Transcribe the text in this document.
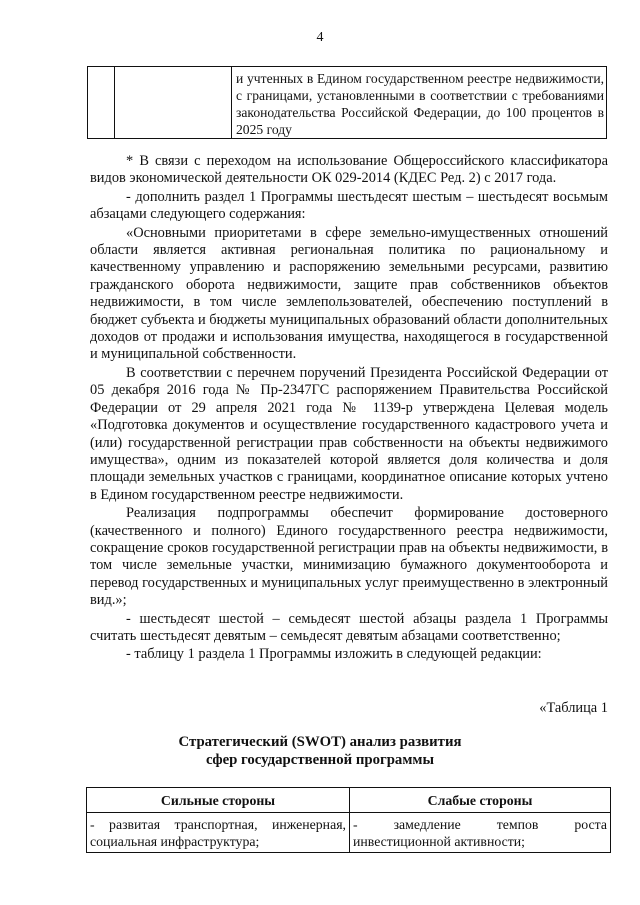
4

и учтенных в Едином государственном реестре недвижимости, с границами, установленными в соответствии с требованиями законодательства Российской Федерации, до 100 процентов в 2025 году

* В связи с переходом на использование Общероссийского классификатора видов экономической деятельности ОК 029-2014 (КДЕС Ред. 2) с 2017 года.

- дополнить раздел 1 Программы шестьдесят шестым – шестьдесят восьмым абзацами следующего содержания:

«Основными приоритетами в сфере земельно-имущественных отношений области является активная региональная политика по рациональному и качественному управлению и распоряжению земельными ресурсами, развитию гражданского оборота недвижимости, защите прав собственников объектов недвижимости, в том числе землепользователей, обеспечению поступлений в бюджет субъекта и бюджеты муниципальных образований области дополнительных доходов от продажи и использования имущества, находящегося в государственной и муниципальной собственности.

В соответствии с перечнем поручений Президента Российской Федерации от 05 декабря 2016 года № Пр-2347ГС распоряжением Правительства Российской Федерации от 29 апреля 2021 года № 1139-р утверждена Целевая модель «Подготовка документов и осуществление государственного кадастрового учета и (или) государственной регистрации прав собственности на объекты недвижимого имущества», одним из показателей которой является доля количества и доля площади земельных участков с границами, координатное описание которых учтено в Едином государственном реестре недвижимости.

Реализация подпрограммы обеспечит формирование достоверного (качественного и полного) Единого государственного реестра недвижимости, сокращение сроков государственной регистрации прав на объекты недвижимости, в том числе земельные участки, минимизацию бумажного документооборота и перевод государственных и муниципальных услуг преимущественно в электронный вид.»;

- шестьдесят шестой – семьдесят шестой абзацы раздела 1 Программы считать шестьдесят девятым – семьдесят девятым абзацами соответственно;

- таблицу 1 раздела 1 Программы изложить в следующей редакции:

«Таблица 1

Стратегический (SWOT) анализ развития
сфер государственной программы
Сильные стороны	Слабые стороны
- развитая транспортная, инженерная, социальная инфраструктура;	- замедление темпов роста инвестиционной активности;
